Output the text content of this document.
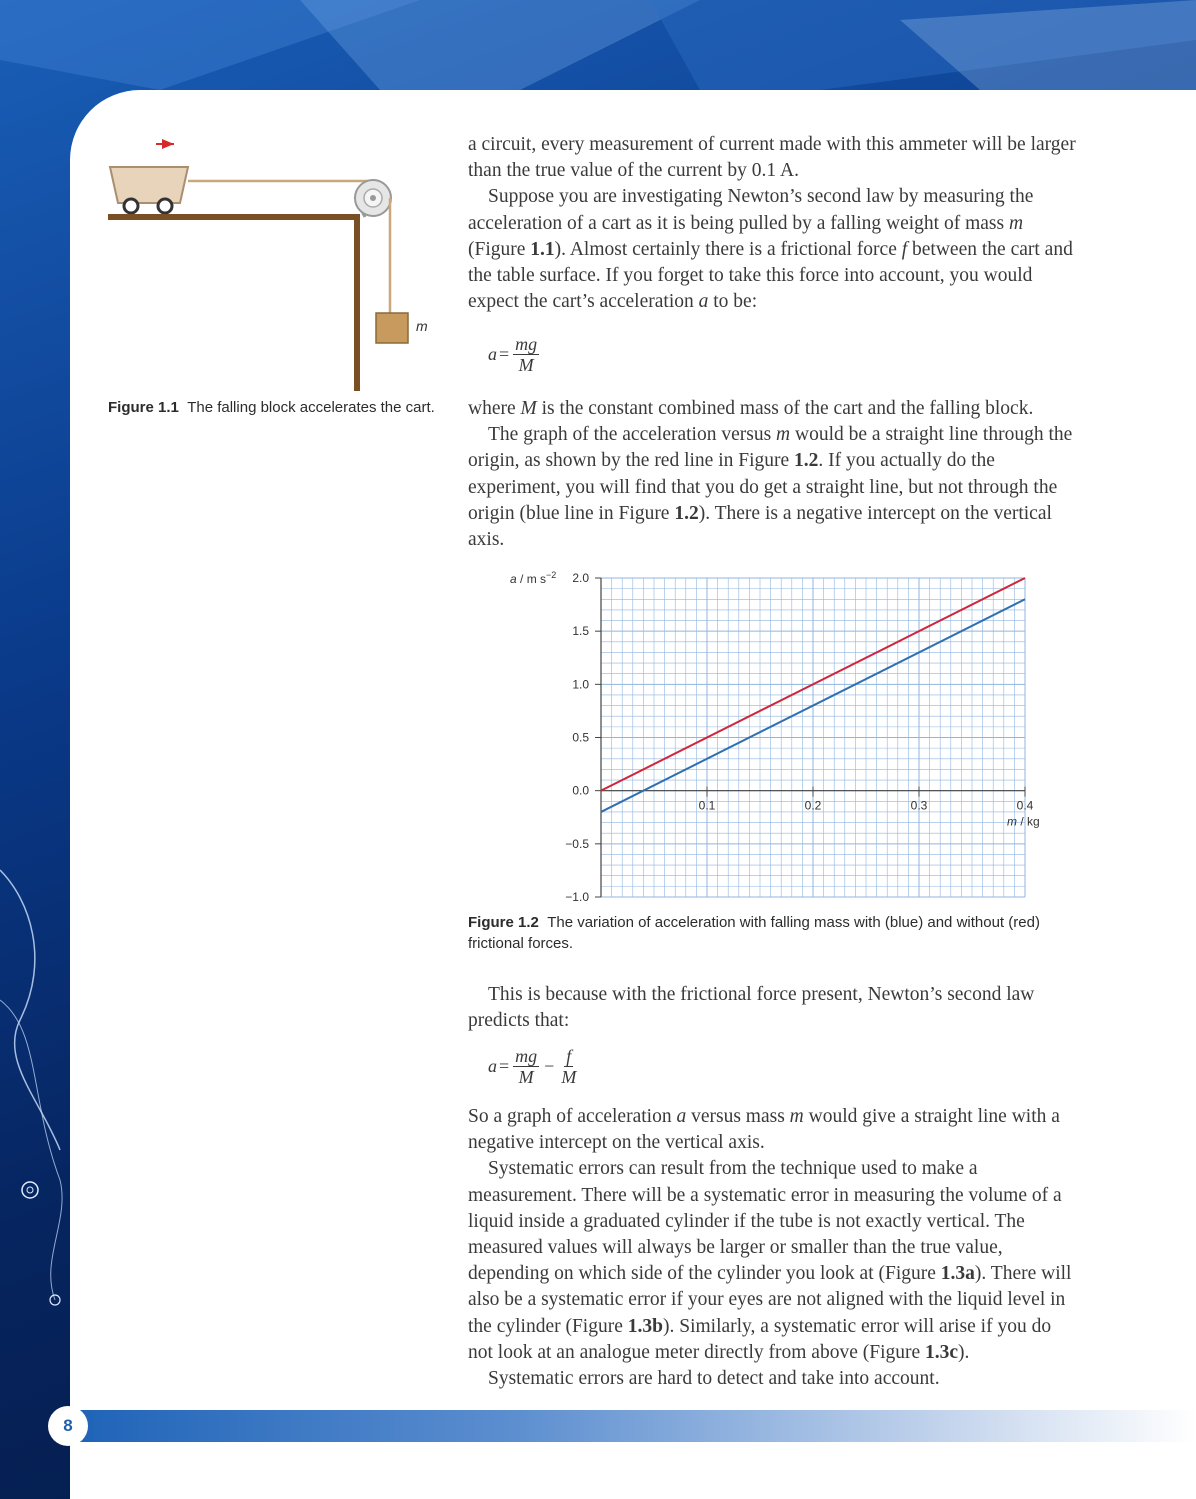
m
Figure 1.1 The falling block accelerates the cart.

a circuit, every measurement of current made with this ammeter will be larger than the true value of the current by 0.1 A.

Suppose you are investigating Newton’s second law by measuring the acceleration of a cart as it is being pulled by a falling weight of mass m (Figure 1.1). Almost certainly there is a frictional force f between the cart and the table surface. If you forget to take this force into account, you would expect the cart’s acceleration a to be:

$a = \frac{mg}{M}$

where M is the constant combined mass of the cart and the falling block.

The graph of the acceleration versus m would be a straight line through the origin, as shown by the red line in Figure 1.2. If you actually do the experiment, you will find that you do get a straight line, but not through the origin (blue line in Figure 1.2). There is a negative intercept on the vertical axis.

2.0
1.5
1.0
0.5
0.0
−0.5
−1.0
0.1	0.2	0.3	0.4
a / m $s^{-2}$
m / kg
Figure 1.2 The variation of acceleration with falling mass with (blue) and without (red) frictional forces.

This is because with the frictional force present, Newton’s second law predicts that:

$a = \frac{mg}{M} - \frac{f}{M}$

So a graph of acceleration a versus mass m would give a straight line with a negative intercept on the vertical axis.

Systematic errors can result from the technique used to make a measurement. There will be a systematic error in measuring the volume of a liquid inside a graduated cylinder if the tube is not exactly vertical. The measured values will always be larger or smaller than the true value, depending on which side of the cylinder you look at (Figure 1.3a). There will also be a systematic error if your eyes are not aligned with the liquid level in the cylinder (Figure 1.3b). Similarly, a systematic error will arise if you do not look at an analogue meter directly from above (Figure 1.3c).

Systematic errors are hard to detect and take into account.

8
